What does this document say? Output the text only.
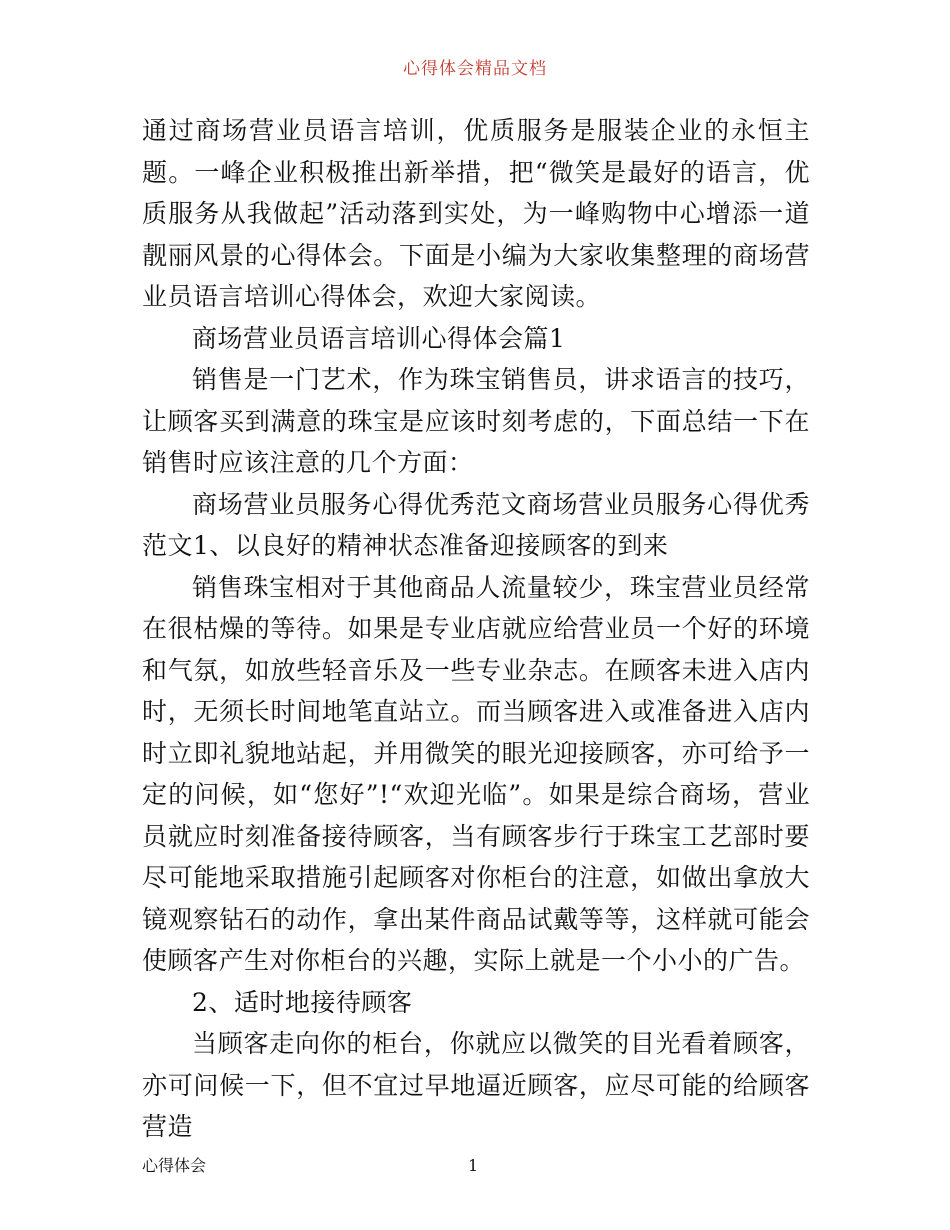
心得体会精品文档

通过商场营业员语言培训，优质服务是服装企业的永恒主题。一峰企业积极推出新举措，把“微笑是最好的语言，优质服务从我做起”活动落到实处，为一峰购物中心增添一道靓丽风景的心得体会。下面是小编为大家收集整理的商场营业员语言培训心得体会，欢迎大家阅读。

商场营业员语言培训心得体会篇1

销售是一门艺术，作为珠宝销售员，讲求语言的技巧，让顾客买到满意的珠宝是应该时刻考虑的，下面总结一下在销售时应该注意的几个方面：

商场营业员服务心得优秀范文商场营业员服务心得优秀范文1、以良好的精神状态准备迎接顾客的到来

销售珠宝相对于其他商品人流量较少，珠宝营业员经常在很枯燥的等待。如果是专业店就应给营业员一个好的环境和气氛，如放些轻音乐及一些专业杂志。在顾客未进入店内时，无须长时间地笔直站立。而当顾客进入或准备进入店内时立即礼貌地站起，并用微笑的眼光迎接顾客，亦可给予一定的问候，如“您好”!“欢迎光临”。如果是综合商场，营业员就应时刻准备接待顾客，当有顾客步行于珠宝工艺部时要尽可能地采取措施引起顾客对你柜台的注意，如做出拿放大镜观察钻石的动作，拿出某件商品试戴等等，这样就可能会使顾客产生对你柜台的兴趣，实际上就是一个小小的广告。

2、适时地接待顾客

当顾客走向你的柜台，你就应以微笑的目光看着顾客，亦可问候一下，但不宜过早地逼近顾客，应尽可能的给顾客营造

心得体会	1
